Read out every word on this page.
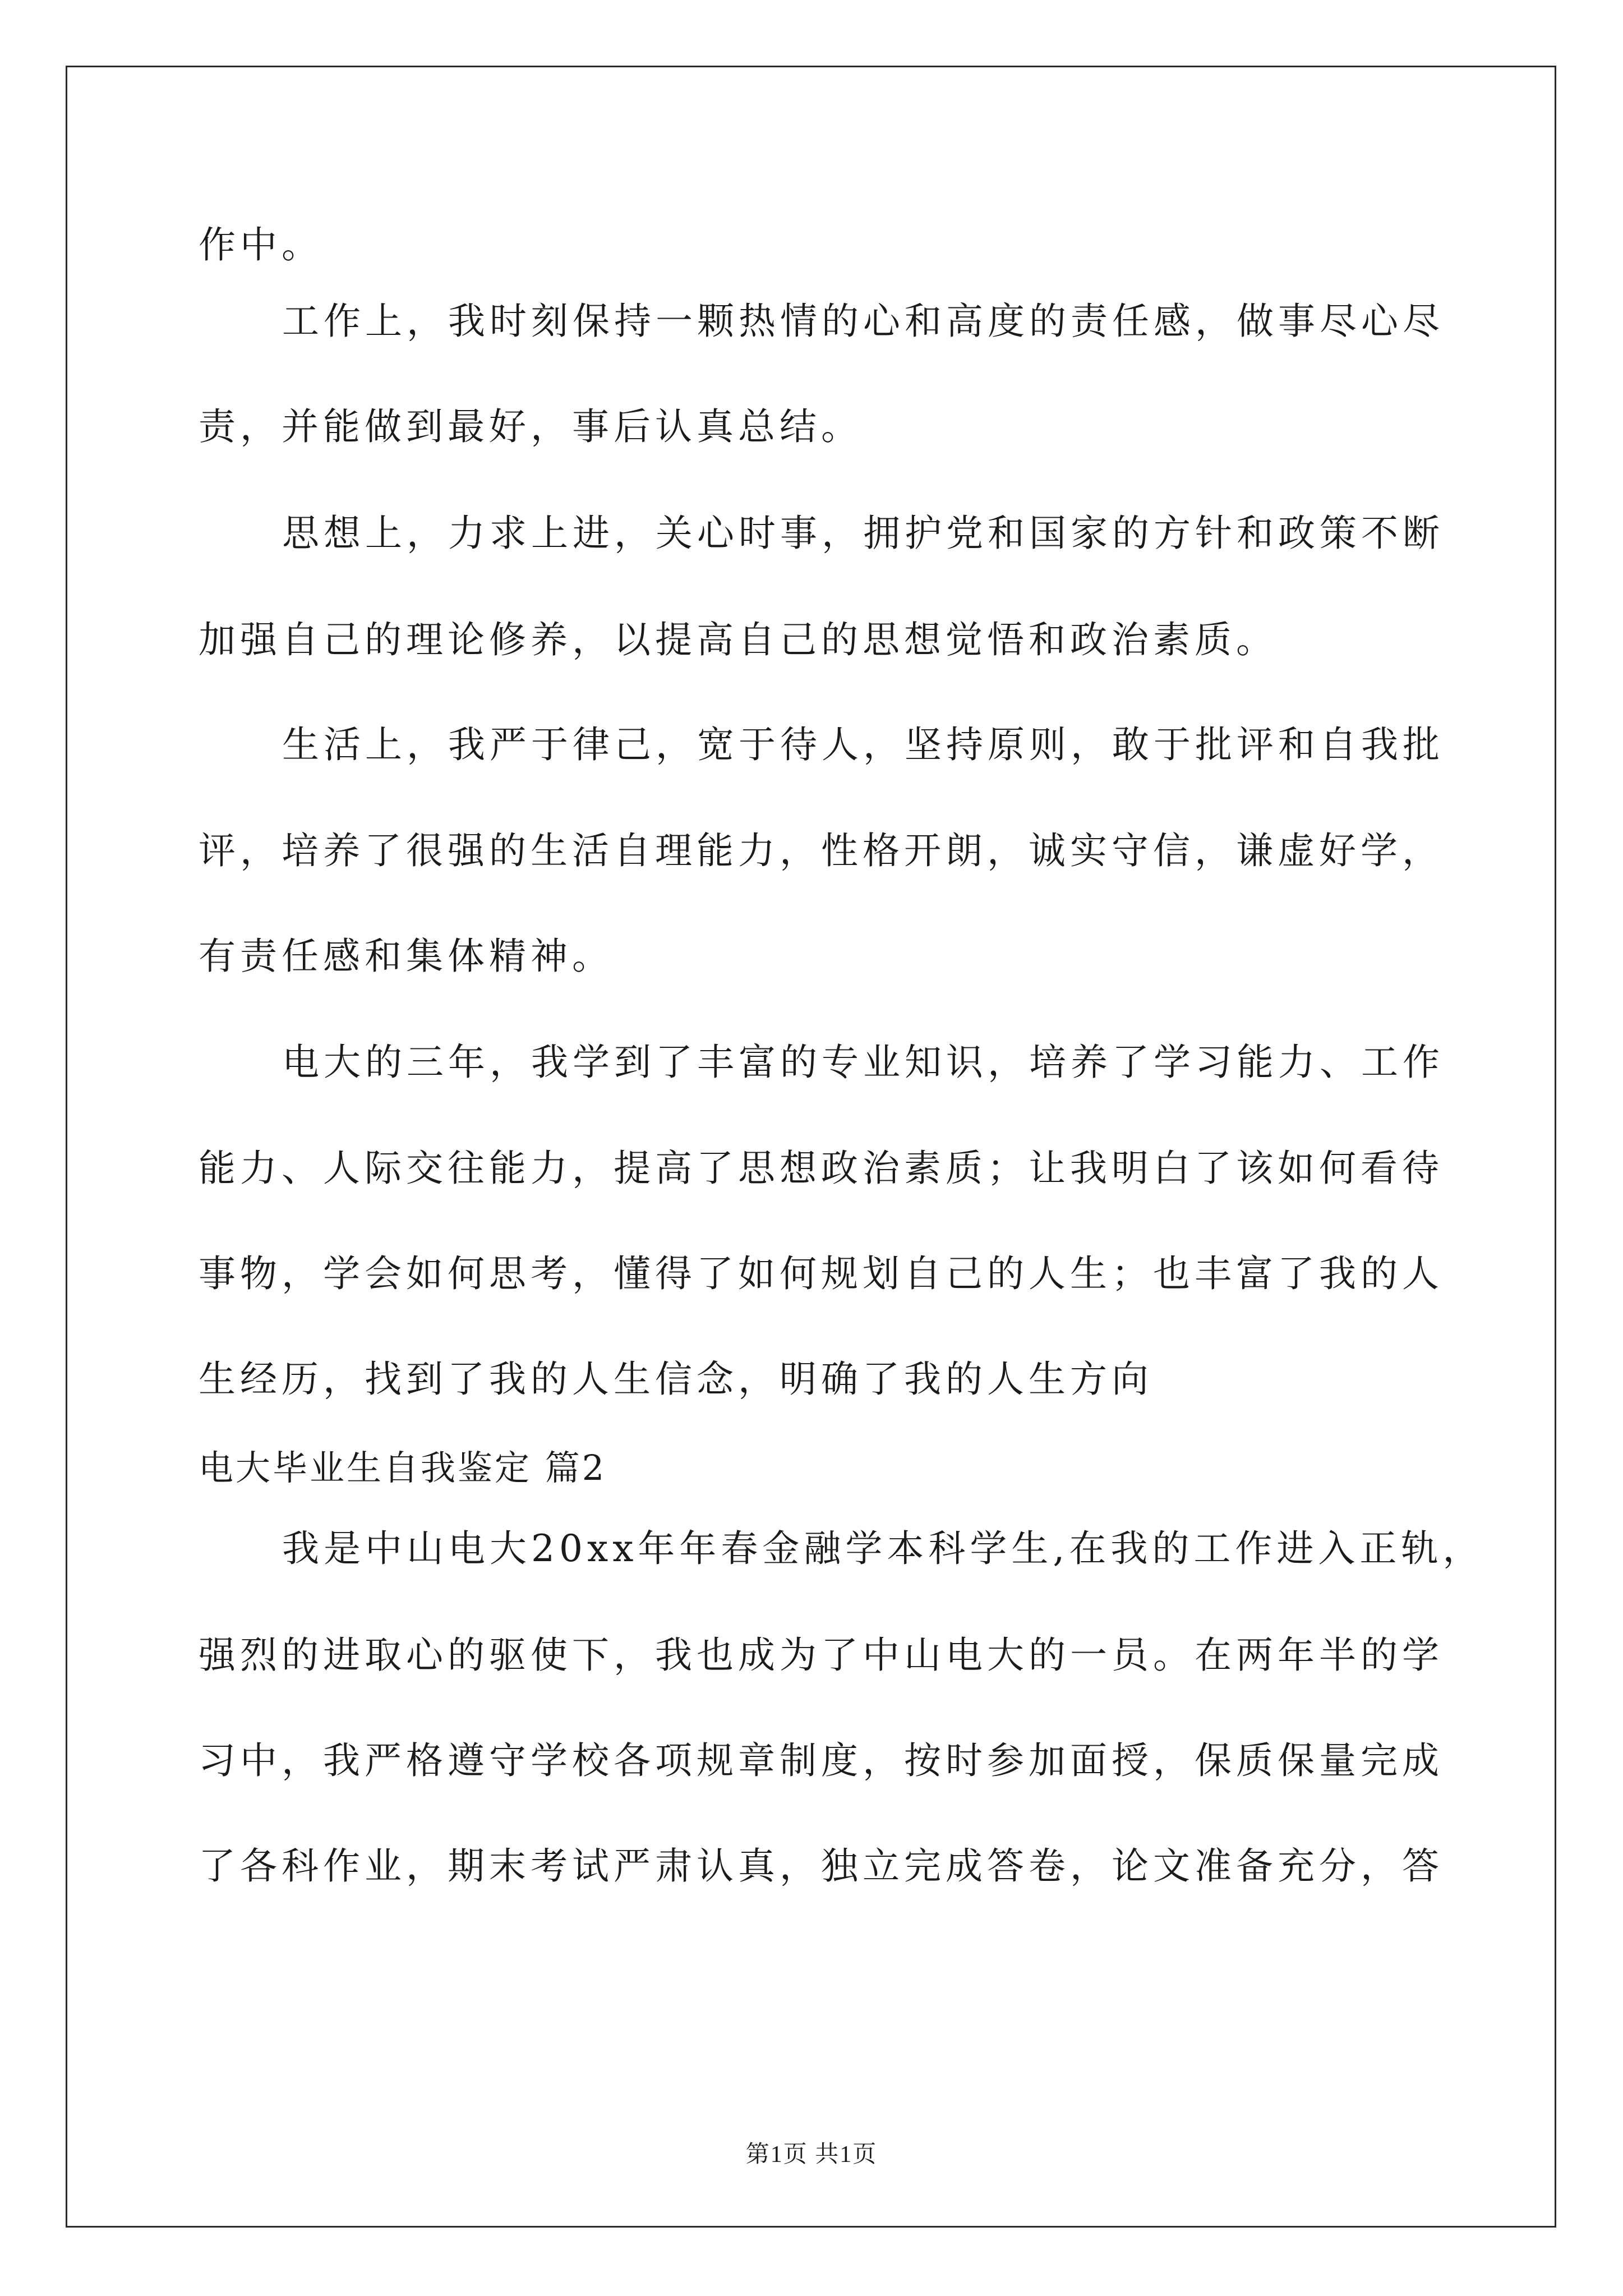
作中。
工作上，我时刻保持一颗热情的心和高度的责任感，做事尽心尽
责，并能做到最好，事后认真总结。
思想上，力求上进，关心时事，拥护党和国家的方针和政策不断
加强自己的理论修养，以提高自己的思想觉悟和政治素质。
生活上，我严于律己，宽于待人，坚持原则，敢于批评和自我批
评，培养了很强的生活自理能力，性格开朗，诚实守信，谦虚好学，
有责任感和集体精神。
电大的三年，我学到了丰富的专业知识，培养了学习能力、工作
能力、人际交往能力，提高了思想政治素质；让我明白了该如何看待
事物，学会如何思考，懂得了如何规划自己的人生；也丰富了我的人
生经历，找到了我的人生信念，明确了我的人生方向
电大毕业生自我鉴定 篇2
我是中山电大20xx年年春金融学本科学生,在我的工作进入正轨，
强烈的进取心的驱使下，我也成为了中山电大的一员。在两年半的学
习中，我严格遵守学校各项规章制度，按时参加面授，保质保量完成
了各科作业，期末考试严肃认真，独立完成答卷，论文准备充分，答
第1页 共1页
